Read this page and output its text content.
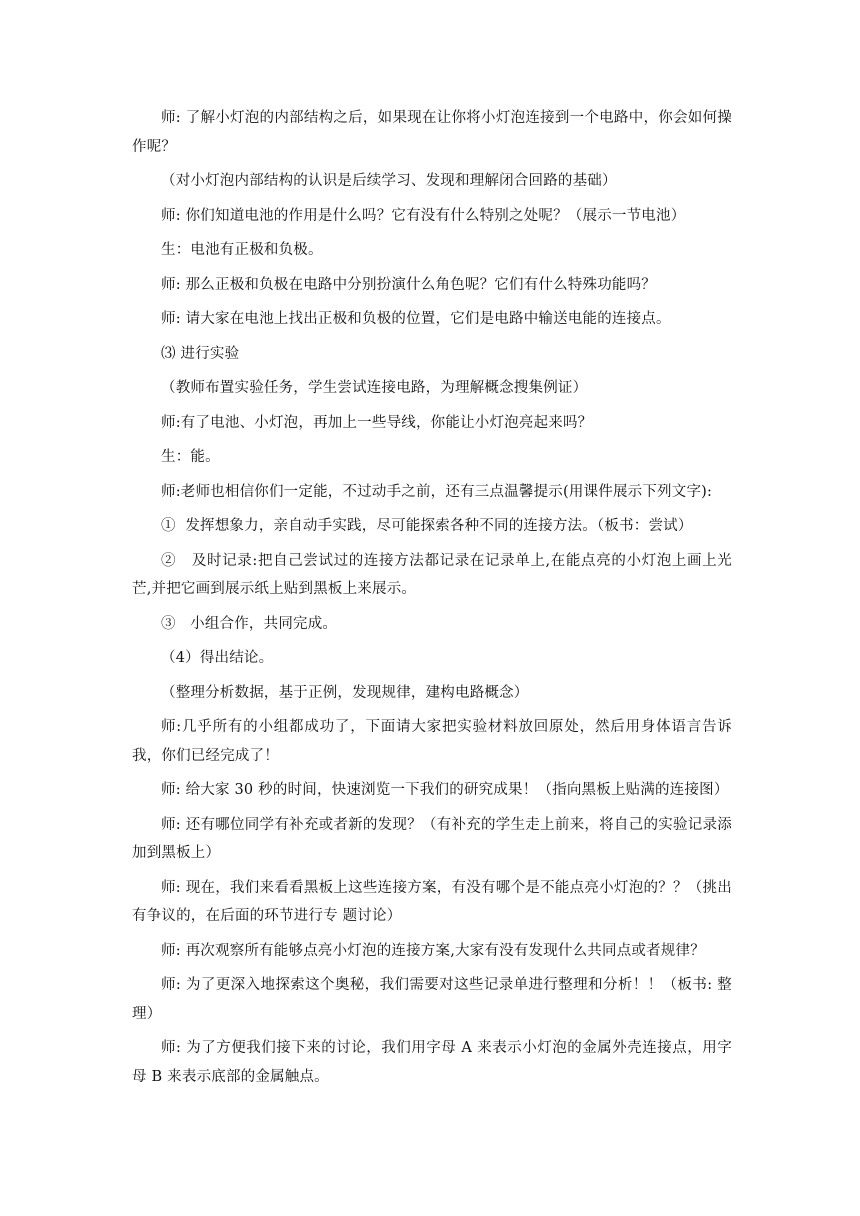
师: 了解小灯泡的内部结构之后，如果现在让你将小灯泡连接到一个电路中，你会如何操作呢？

（对小灯泡内部结构的认识是后续学习、发现和理解闭合回路的基础）

师: 你们知道电池的作用是什么吗？它有没有什么特别之处呢？（展示一节电池）

生：电池有正极和负极。

师: 那么正极和负极在电路中分别扮演什么角色呢？它们有什么特殊功能吗？

师: 请大家在电池上找出正极和负极的位置，它们是电路中输送电能的连接点。

⑶ 进行实验

（教师布置实验任务，学生尝试连接电路，为理解概念搜集例证）

师:有了电池、小灯泡，再加上一些导线，你能让小灯泡亮起来吗？

生：能。

师:老师也相信你们一定能，不过动手之前，还有三点温馨提示(用课件展示下列文字):

①  发挥想象力，亲自动手实践，尽可能探索各种不同的连接方法。（板书：尝试）

②   及时记录:把自己尝试过的连接方法都记录在记录单上,在能点亮的小灯泡上画上光芒,并把它画到展示纸上贴到黑板上来展示。

③   小组合作，共同完成。

（4）得出结论。

（整理分析数据，基于正例，发现规律，建构电路概念）

师:几乎所有的小组都成功了，下面请大家把实验材料放回原处，然后用身体语言告诉我，你们已经完成了！

师: 给大家 30 秒的时间，快速浏览一下我们的研究成果！（指向黑板上贴满的连接图）

师: 还有哪位同学有补充或者新的发现？（有补充的学生走上前来，将自己的实验记录添加到黑板上）

师: 现在，我们来看看黑板上这些连接方案，有没有哪个是不能点亮小灯泡的？？（挑出有争议的，在后面的环节进行专 题讨论）

师: 再次观察所有能够点亮小灯泡的连接方案,大家有没有发现什么共同点或者规律？

师: 为了更深入地探索这个奥秘，我们需要对这些记录单进行整理和分析！！（板书: 整理）

师: 为了方便我们接下来的讨论，我们用字母 A 来表示小灯泡的金属外壳连接点，用字母 B 来表示底部的金属触点。
